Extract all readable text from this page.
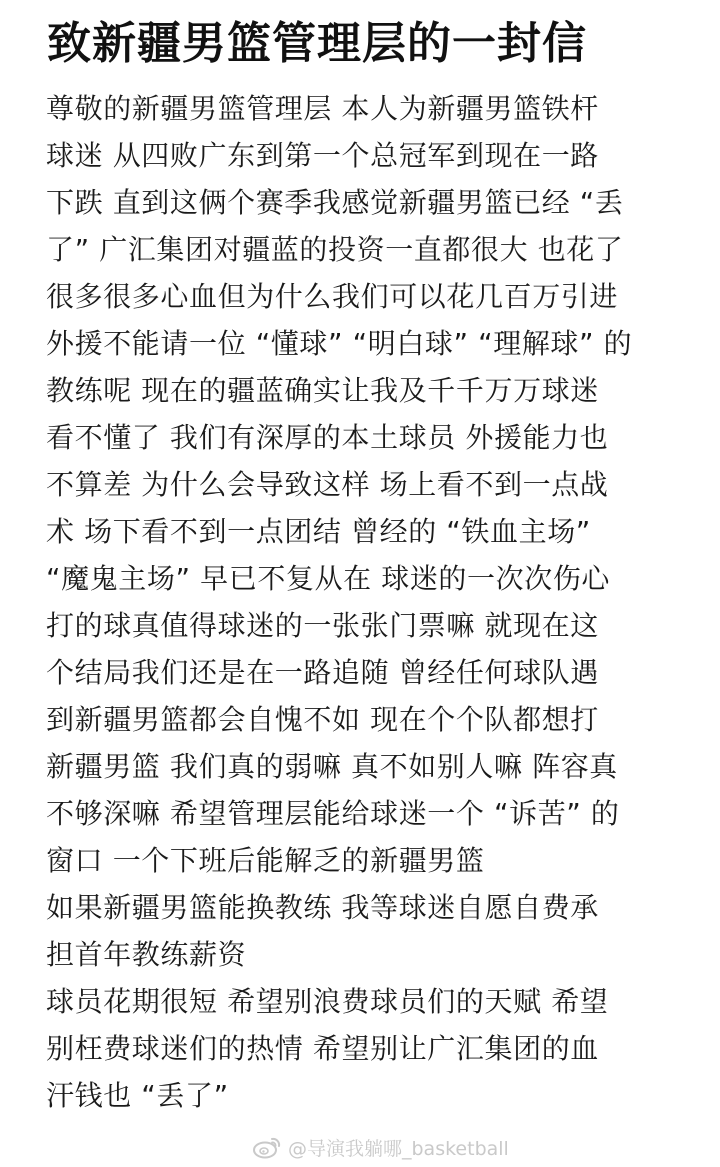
致新疆男篮管理层的一封信
尊敬的新疆男篮管理层 本人为新疆男篮铁杆
球迷 从四败广东到第一个总冠军到现在一路
下跌 直到这俩个赛季我感觉新疆男篮已经 “丢
了” 广汇集团对疆蓝的投资一直都很大 也花了
很多很多心血但为什么我们可以花几百万引进
外援不能请一位 “懂球” “明白球” “理解球” 的
教练呢 现在的疆蓝确实让我及千千万万球迷
看不懂了 我们有深厚的本土球员 外援能力也
不算差 为什么会导致这样 场上看不到一点战
术 场下看不到一点团结 曾经的 “铁血主场”
“魔鬼主场” 早已不复从在 球迷的一次次伤心
打的球真值得球迷的一张张门票嘛 就现在这
个结局我们还是在一路追随 曾经任何球队遇
到新疆男篮都会自愧不如 现在个个队都想打
新疆男篮 我们真的弱嘛 真不如别人嘛 阵容真
不够深嘛 希望管理层能给球迷一个 “诉苦” 的
窗口 一个下班后能解乏的新疆男篮
如果新疆男篮能换教练 我等球迷自愿自费承
担首年教练薪资
球员花期很短 希望别浪费球员们的天赋 希望
别枉费球迷们的热情 希望别让广汇集团的血
汗钱也 “丢了”
@导演我躺哪_basketball
